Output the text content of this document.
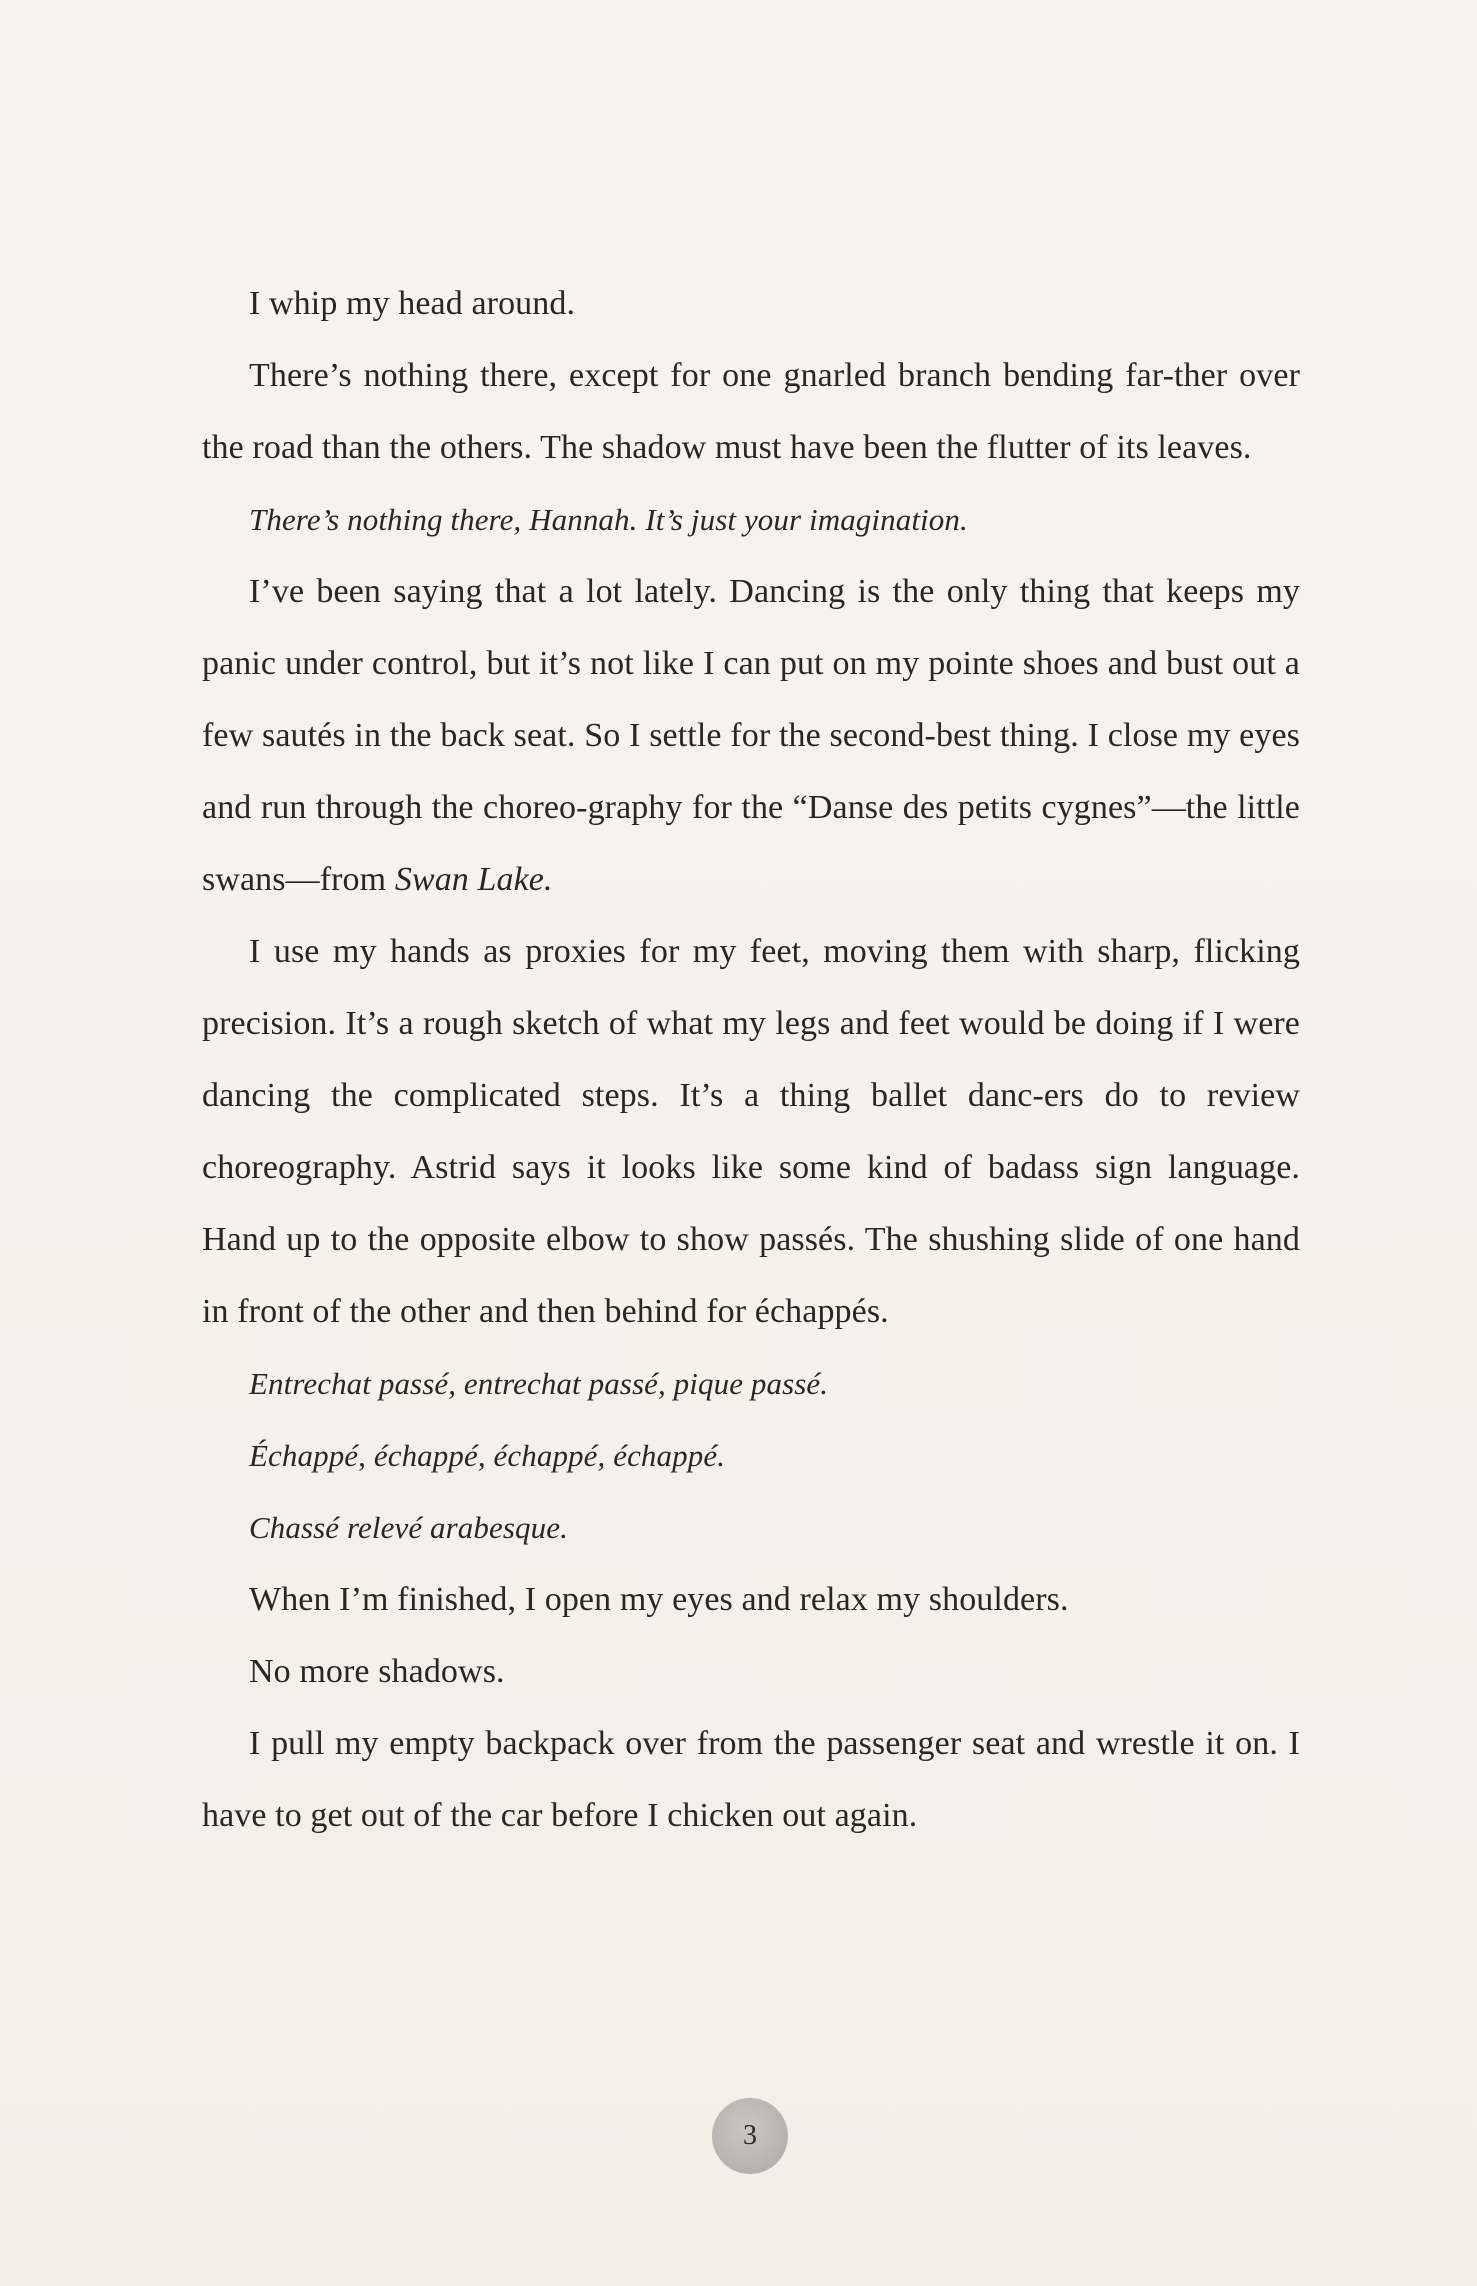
I whip my head around.

There’s nothing there, except for one gnarled branch bending far-ther over the road than the others. The shadow must have been the flutter of its leaves.

There’s nothing there, Hannah. It’s just your imagination.

I’ve been saying that a lot lately. Dancing is the only thing that keeps my panic under control, but it’s not like I can put on my pointe shoes and bust out a few sautés in the back seat. So I settle for the second-best thing. I close my eyes and run through the choreo-graphy for the “Danse des petits cygnes”—the little swans—from Swan Lake.

I use my hands as proxies for my feet, moving them with sharp, flicking precision. It’s a rough sketch of what my legs and feet would be doing if I were dancing the complicated steps. It’s a thing ballet danc-ers do to review choreography. Astrid says it looks like some kind of badass sign language. Hand up to the opposite elbow to show passés. The shushing slide of one hand in front of the other and then behind for échappés.

Entrechat passé, entrechat passé, pique passé.

Échappé, échappé, échappé, échappé.

Chassé relevé arabesque.

When I’m finished, I open my eyes and relax my shoulders.

No more shadows.

I pull my empty backpack over from the passenger seat and wrestle it on. I have to get out of the car before I chicken out again.

3
